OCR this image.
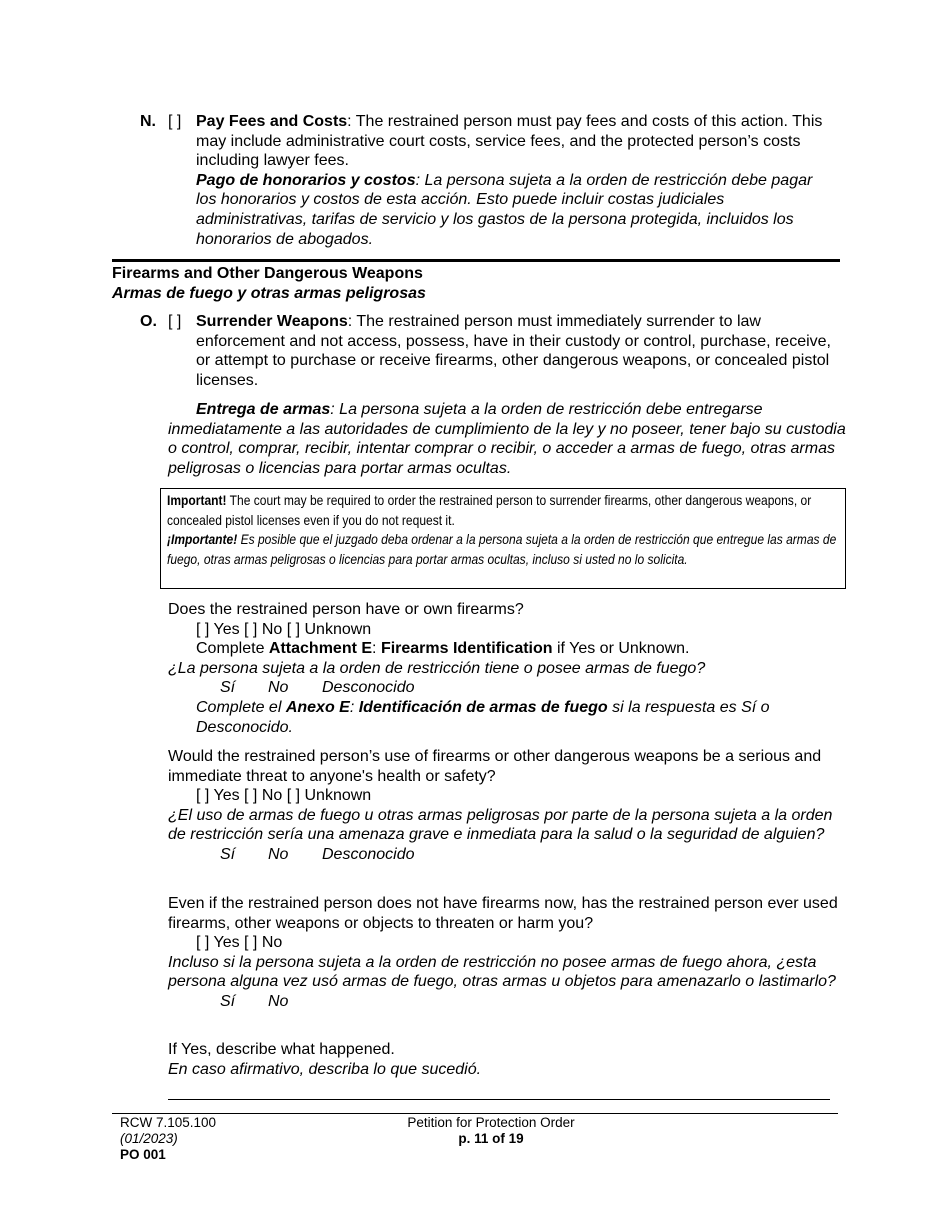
N. [ ] Pay Fees and Costs: The restrained person must pay fees and costs of this action. This may include administrative court costs, service fees, and the protected person’s costs including lawyer fees.
Pago de honorarios y costos: La persona sujeta a la orden de restricción debe pagar los honorarios y costos de esta acción. Esto puede incluir costas judiciales administrativas, tarifas de servicio y los gastos de la persona protegida, incluidos los honorarios de abogados.
Firearms and Other Dangerous Weapons
Armas de fuego y otras armas peligrosas
O. [ ] Surrender Weapons: The restrained person must immediately surrender to law enforcement and not access, possess, have in their custody or control, purchase, receive, or attempt to purchase or receive firearms, other dangerous weapons, or concealed pistol licenses.
Entrega de armas: La persona sujeta a la orden de restricción debe entregarse inmediatamente a las autoridades de cumplimiento de la ley y no poseer, tener bajo su custodia o control, comprar, recibir, intentar comprar o recibir, o acceder a armas de fuego, otras armas peligrosas o licencias para portar armas ocultas.
Important! The court may be required to order the restrained person to surrender firearms, other dangerous weapons, or concealed pistol licenses even if you do not request it.
¡Importante! Es posible que el juzgado deba ordenar a la persona sujeta a la orden de restricción que entregue las armas de fuego, otras armas peligrosas o licencias para portar armas ocultas, incluso si usted no lo solicita.
Does the restrained person have or own firearms?
[ ] Yes [ ] No [ ] Unknown
Complete Attachment E: Firearms Identification if Yes or Unknown.
¿La persona sujeta a la orden de restricción tiene o posee armas de fuego?
Sí No Desconocido
Complete el Anexo E: Identificación de armas de fuego si la respuesta es Sí o Desconocido.
Would the restrained person’s use of firearms or other dangerous weapons be a serious and immediate threat to anyone's health or safety?
[ ] Yes [ ] No [ ] Unknown
¿El uso de armas de fuego u otras armas peligrosas por parte de la persona sujeta a la orden de restricción sería una amenaza grave e inmediata para la salud o la seguridad de alguien?
Sí No Desconocido
Even if the restrained person does not have firearms now, has the restrained person ever used firearms, other weapons or objects to threaten or harm you?
[ ] Yes [ ] No
Incluso si la persona sujeta a la orden de restricción no posee armas de fuego ahora, ¿esta persona alguna vez usó armas de fuego, otras armas u objetos para amenazarlo o lastimarlo?
Sí No
If Yes, describe what happened.
En caso afirmativo, describa lo que sucedió.
RCW 7.105.100
(01/2023)
PO 001
Petition for Protection Order
p. 11 of 19
